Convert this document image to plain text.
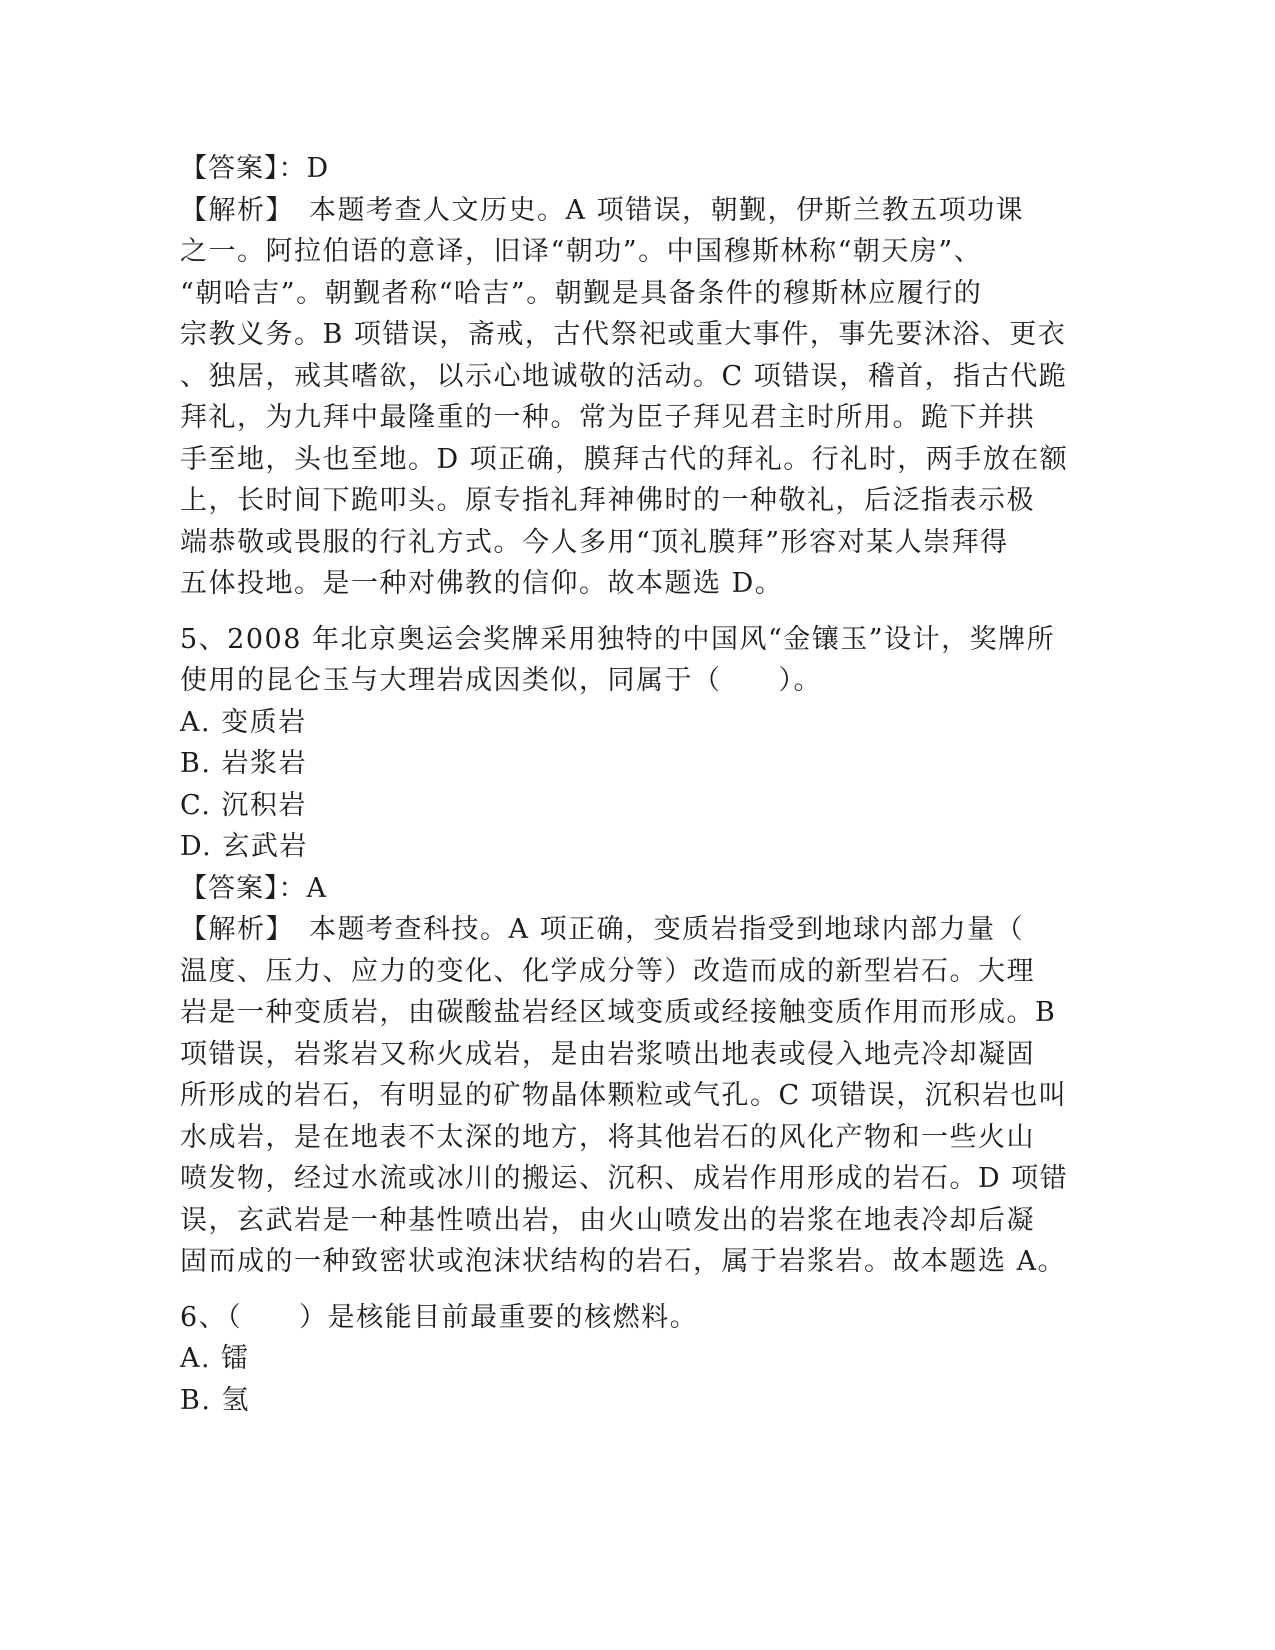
【答案】：D
【解析】　本题考查人文历史。A 项错误，朝觐，伊斯兰教五项功课
之一。阿拉伯语的意译，旧译“朝功”。中国穆斯林称“朝天房”、
“朝哈吉”。朝觐者称“哈吉”。朝觐是具备条件的穆斯林应履行的
宗教义务。B 项错误，斋戒，古代祭祀或重大事件，事先要沐浴、更衣
、独居，戒其嗜欲，以示心地诚敬的活动。C 项错误，稽首，指古代跪
拜礼，为九拜中最隆重的一种。常为臣子拜见君主时所用。跪下并拱
手至地，头也至地。D 项正确，膜拜古代的拜礼。行礼时，两手放在额
上，长时间下跪叩头。原专指礼拜神佛时的一种敬礼，后泛指表示极
端恭敬或畏服的行礼方式。今人多用“顶礼膜拜”形容对某人崇拜得
五体投地。是一种对佛教的信仰。故本题选 D。
5、2008 年北京奥运会奖牌采用独特的中国风“金镶玉”设计，奖牌所
使用的昆仑玉与大理岩成因类似，同属于（　　）。
A. 变质岩
B. 岩浆岩
C. 沉积岩
D. 玄武岩
【答案】：A
【解析】　本题考查科技。A 项正确，变质岩指受到地球内部力量（
温度、压力、应力的变化、化学成分等）改造而成的新型岩石。大理
岩是一种变质岩，由碳酸盐岩经区域变质或经接触变质作用而形成。B
项错误，岩浆岩又称火成岩，是由岩浆喷出地表或侵入地壳冷却凝固
所形成的岩石，有明显的矿物晶体颗粒或气孔。C 项错误，沉积岩也叫
水成岩，是在地表不太深的地方，将其他岩石的风化产物和一些火山
喷发物，经过水流或冰川的搬运、沉积、成岩作用形成的岩石。D 项错
误，玄武岩是一种基性喷出岩，由火山喷发出的岩浆在地表冷却后凝
固而成的一种致密状或泡沫状结构的岩石，属于岩浆岩。故本题选 A。
6、（　　）是核能目前最重要的核燃料。
A. 镭
B. 氢
